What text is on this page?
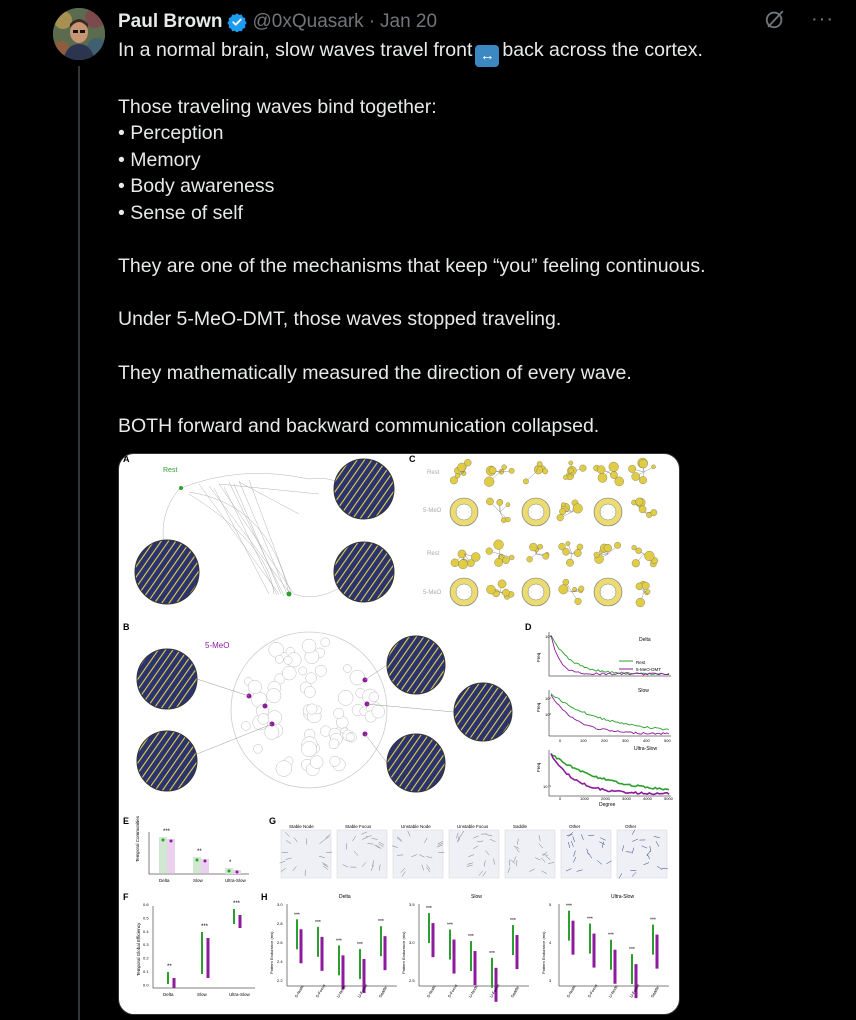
Paul Brown @0xQuasark · Jan 20	···

In a normal brain, slow waves travel front ↔ back across the cortex.

Those traveling waves bind together:

• Perception

• Memory

• Body awareness

• Sense of self

They are one of the mechanisms that keep “you” feeling continuous.

Under 5-MeO-DMT, those waves stopped traveling.

They mathematically measured the direction of every wave.

BOTH forward and backward communication collapsed.

A
Rest
C
Rest
5-MeO
Rest
5-MeO
B
5-MeO
D
Delta
Slow
Ultra-Slow
Rest
5-MeO-DMT
Degree
Freq
Freq
Freq
10⁴
10²
10⁰
10⁻¹
0	100	200	300	400	500
0	1000	2000	3000	4000	5000
E Temporal Communities	***
Delta
**
Slow
*
Ultra-Slow
G
Stable Node	Stable Focus	Unstable Node	Unstable Focus	Saddle	Other	Other
F
Temporal Global Efficiency
0.6
0.5
0.4
0.3
0.2
0.1
0.0
**
Delta
***
Slow
***
Ultra-Slow
H	Delta
3.0
2.8
2.6
2.4
2.2
Pattern Endurance (ms)
***
S-Node
***
S-Focus
***
U-Node
***
U-Focus
***
Saddle
Slow
3.5
3.0
2.5
Pattern Endurance (ms)
***
S-Node
***
S-Focus
***
U-Node
***
U-Focus
***
Saddle
Ultra-Slow
5
4
3
Pattern Endurance (ms)
***
S-Node
***
S-Focus
***
U-Node
***
U-Focus
***
Saddle
